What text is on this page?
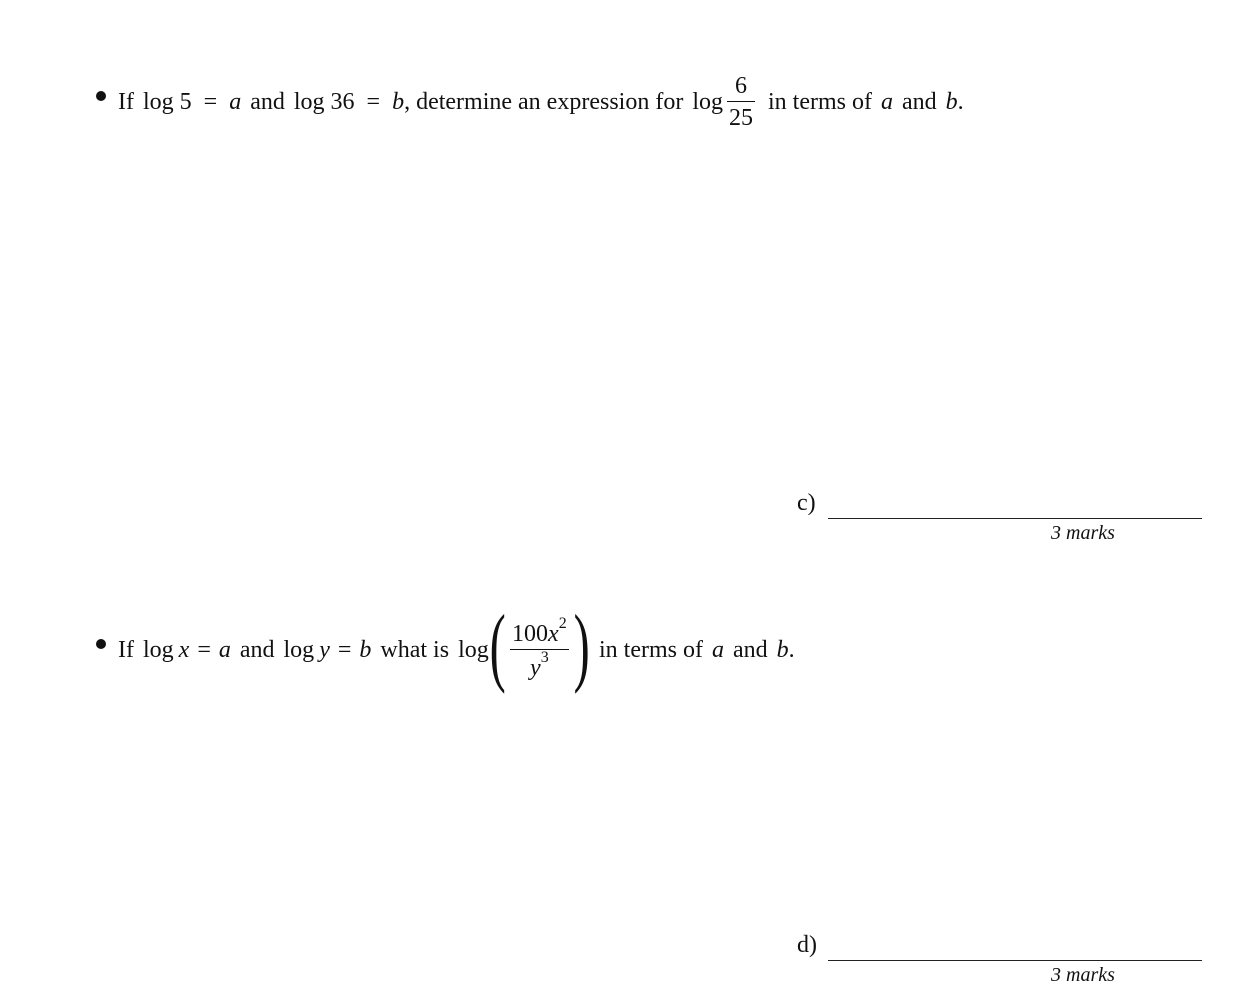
If log 5 = a and log 36 = b , determine an expression for $\log \frac{6}{25}$ in terms of a and b .
c)
3 marks
If log x = a and log y = b what is log ( $\frac{100x^2}{y^3}$ ) in terms of a and b .
d)
3 marks
